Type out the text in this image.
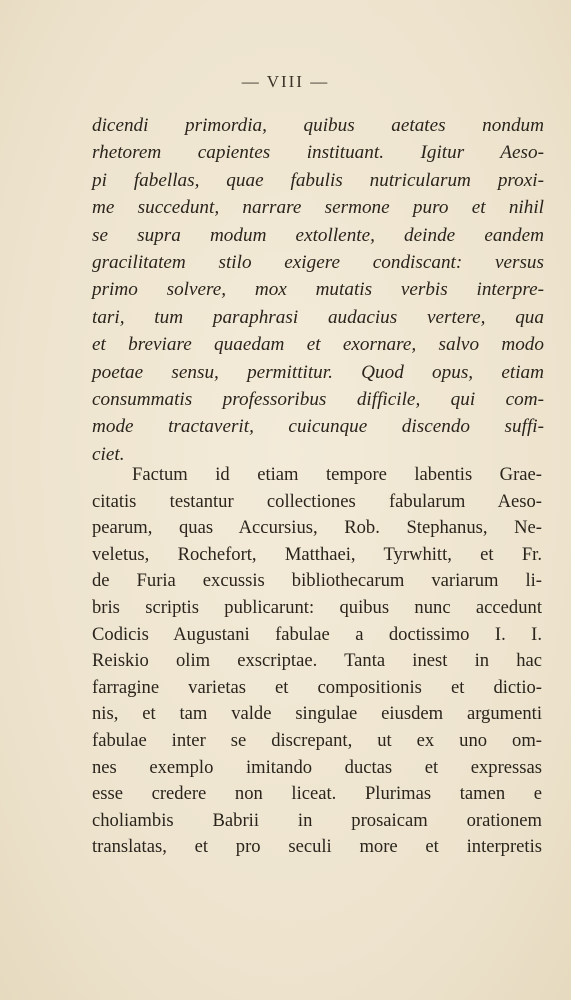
— VIII —
dicendi primordia, quibus aetates nondum
rhetorem capientes instituant. Igitur Aeso-
pi fabellas, quae fabulis nutricularum proxi-
me succedunt, narrare sermone puro et nihil
se supra modum extollente, deinde eandem
gracilitatem stilo exigere condiscant: versus
primo solvere, mox mutatis verbis interpre-
tari, tum paraphrasi audacius vertere, qua
et breviare quaedam et exornare, salvo modo
poetae sensu, permittitur. Quod opus, etiam
consummatis professoribus difficile, qui com-
mode tractaverit, cuicunque discendo suffi-
ciet.
Factum id etiam tempore labentis Grae-
citatis testantur collectiones fabularum Aeso-
pearum, quas Accursius, Rob. Stephanus, Ne-
veletus, Rochefort, Matthaei, Tyrwhitt, et Fr.
de Furia excussis bibliothecarum variarum li-
bris scriptis publicarunt: quibus nunc accedunt
Codicis Augustani fabulae a doctissimo I. I.
Reiskio olim exscriptae. Tanta inest in hac
farragine varietas et compositionis et dictio-
nis, et tam valde singulae eiusdem argumenti
fabulae inter se discrepant, ut ex uno om-
nes exemplo imitando ductas et expressas
esse credere non liceat. Plurimas tamen e
choliambis Babrii in prosaicam orationem
translatas, et pro seculi more et interpretis
